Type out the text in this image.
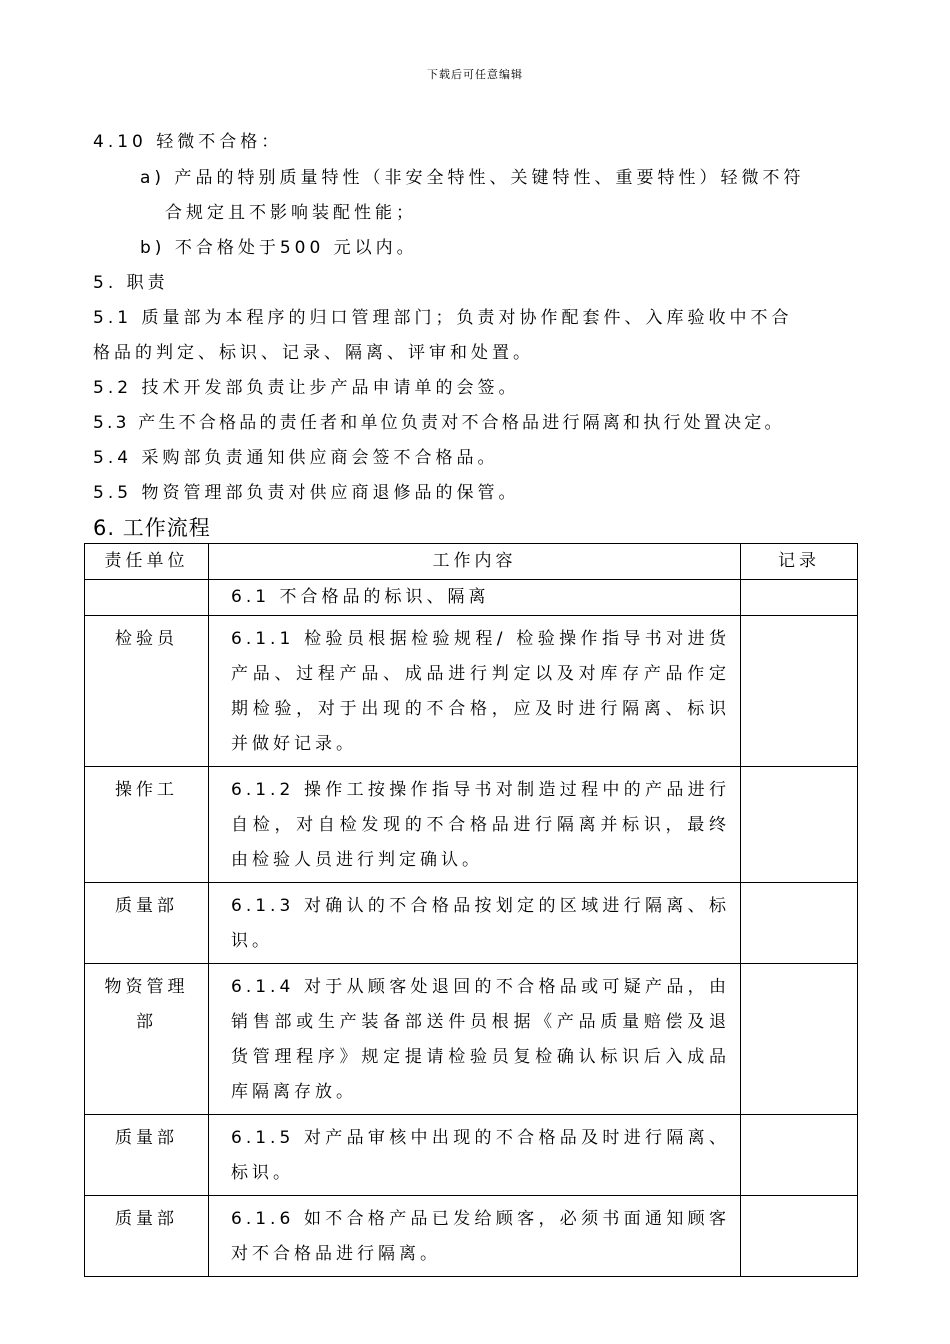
下载后可任意编辑
4.10 轻微不合格：
a) 产品的特别质量特性（非安全特性、关键特性、重要特性）轻微不符
合规定且不影响装配性能；
b) 不合格处于500 元以内。
5. 职责
5.1 质量部为本程序的归口管理部门；负责对协作配套件、入库验收中不合
格品的判定、标识、记录、隔离、评审和处置。
5.2 技术开发部负责让步产品申请单的会签。
5.3 产生不合格品的责任者和单位负责对不合格品进行隔离和执行处置决定。
5.4 采购部负责通知供应商会签不合格品。
5.5 物资管理部负责对供应商退修品的保管。
6. 工作流程
责任单位	工作内容	记录
	6.1 不合格品的标识、隔离	
检验员	6.1.1 检验员根据检验规程/ 检验操作指导书对进货产品、过程产品、成品进行判定以及对库存产品作定期检验，对于出现的不合格，应及时进行隔离、标识并做好记录。	
操作工	6.1.2 操作工按操作指导书对制造过程中的产品进行自检，对自检发现的不合格品进行隔离并标识，最终由检验人员进行判定确认。	
质量部	6.1.3 对确认的不合格品按划定的区域进行隔离、标识。	
物资管理部	6.1.4 对于从顾客处退回的不合格品或可疑产品，由销售部或生产装备部送件员根据《产品质量赔偿及退货管理程序》规定提请检验员复检确认标识后入成品库隔离存放。	
质量部	6.1.5 对产品审核中出现的不合格品及时进行隔离、标识。	
质量部	6.1.6 如不合格产品已发给顾客，必须书面通知顾客对不合格品进行隔离。	
